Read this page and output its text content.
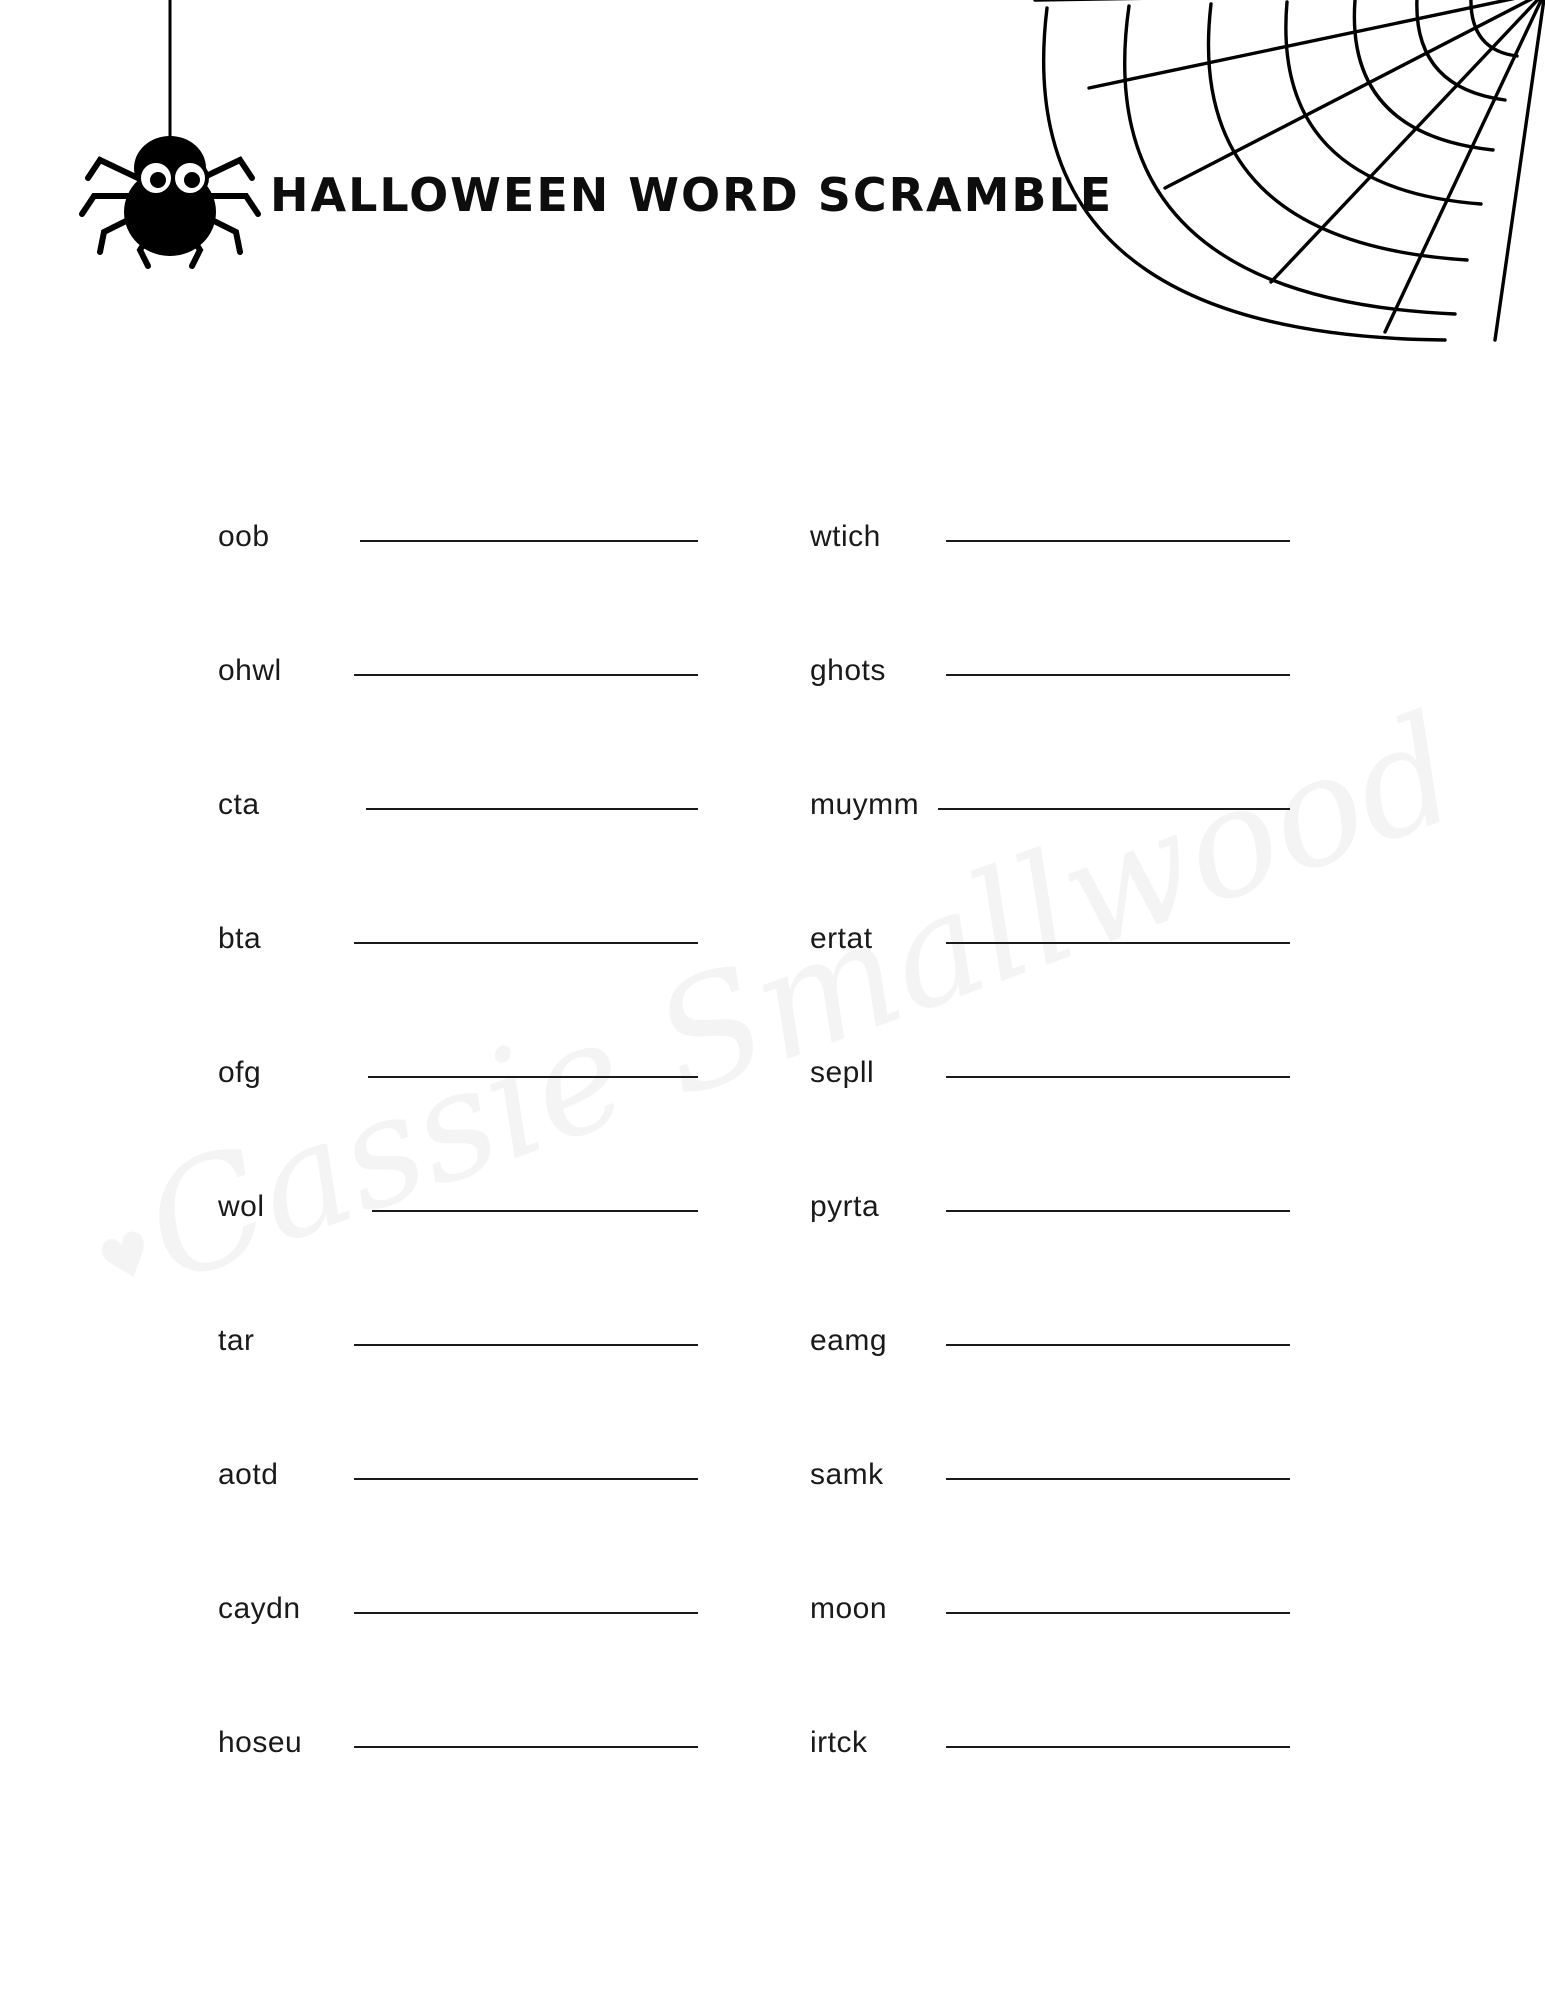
HALLOWEEN WORD SCRAMBLE
oob
ohwl
cta
bta
ofg
wol
tar
aotd
caydn
hoseu
wtich
ghots
muymm
ertat
sepll
pyrta
eamg
samk
moon
irtck
